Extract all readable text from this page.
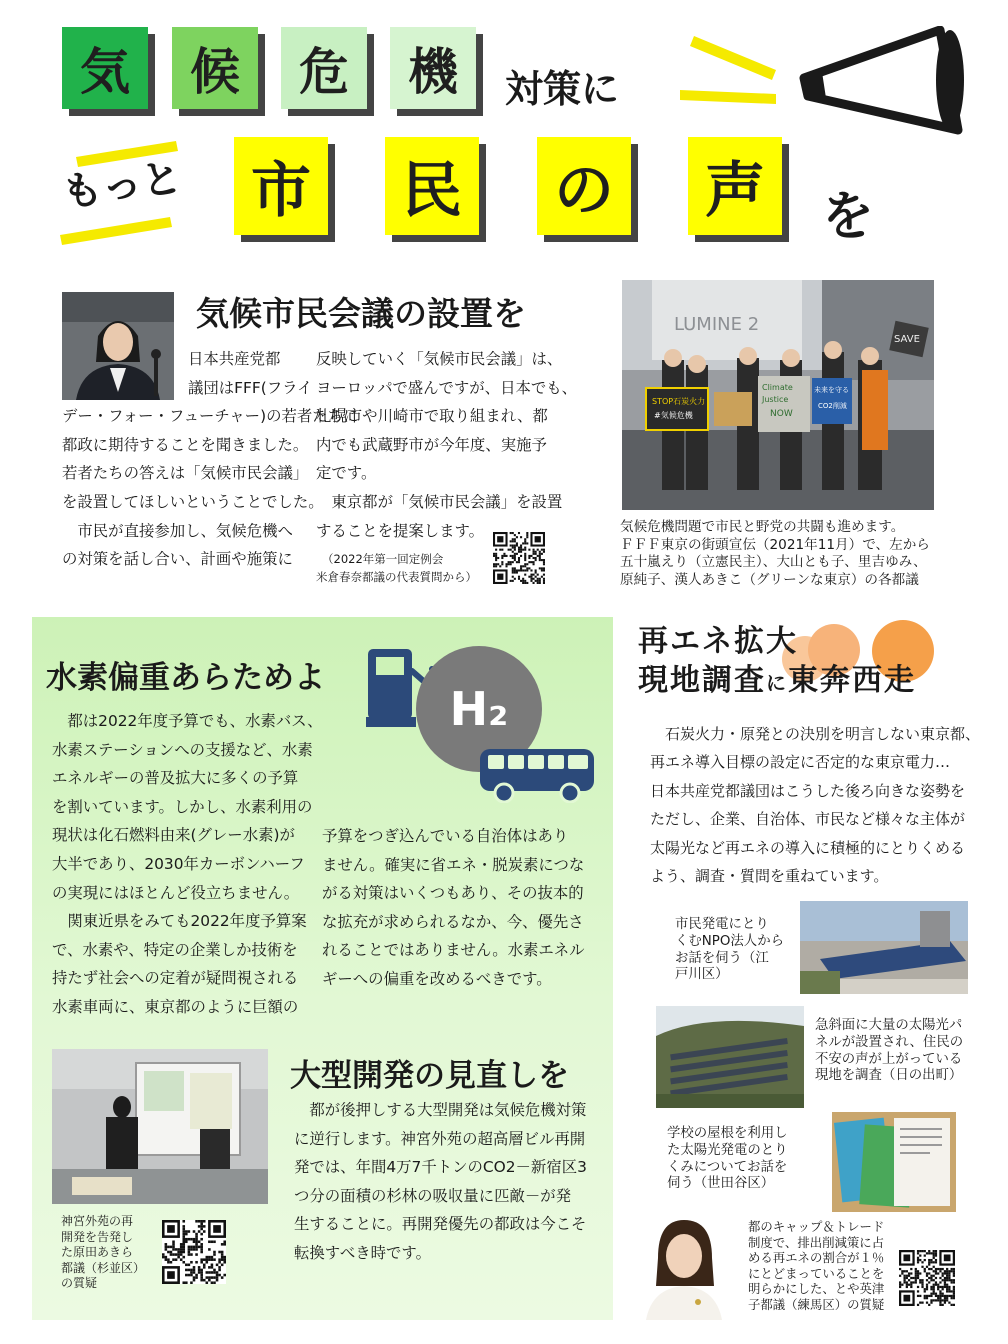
気 候 危 機 対策に
もっと 市 民 の 声 を
気候市民会議の設置を
日本共産党都
議団はFFF(フライ
デー・フォー・フューチャー)の若者たちに
都政に期待することを聞きました。
若者たちの答えは「気候市民会議」
を設置してほしいということでした。
　市民が直接参加し、気候危機へ
の対策を話し合い、計画や施策に
反映していく「気候市民会議」は、
ヨーロッパで盛んですが、日本でも、
札幌市や川崎市で取り組まれ、都
内でも武蔵野市が今年度、実施予
定です。
　東京都が「気候市民会議」を設置
することを提案します。
（2022年第一回定例会
米倉春奈都議の代表質問から）
LUMINE 2
SAVE
STOP石炭火力
#気候危機
Climate
Justice
NOW
未来を守る
CO2削減
気候危機問題で市民と野党の共闘も進めます。
ＦＦＦ東京の街頭宣伝（2021年11月）で、左から
五十嵐えり（立憲民主）、大山とも子、里吉ゆみ、
原純子、漢人あきこ（グリーンな東京）の各都議
水素偏重あらためよ
H₂
　都は2022年度予算でも、水素バス、
水素ステーションへの支援など、水素
エネルギーの普及拡大に多くの予算
を割いています。しかし、水素利用の
現状は化石燃料由来(グレー水素)が
大半であり、2030年カーボンハーフ
の実現にはほとんど役立ちません。
　関東近県をみても2022年度予算案
で、水素や、特定の企業しか技術を
持たず社会への定着が疑問視される
水素車両に、東京都のように巨額の
予算をつぎ込んでいる自治体はあり
ません。確実に省エネ・脱炭素につな
がる対策はいくつもあり、その抜本的
な拡充が求められるなか、今、優先さ
れることではありません。水素エネル
ギーへの偏重を改めるべきです。
大型開発の見直しを
　都が後押しする大型開発は気候危機対策
に逆行します。神宮外苑の超高層ビル再開
発では、年間4万7千トンのCO2－新宿区3
つ分の面積の杉林の吸収量に匹敵－が発
生することに。再開発優先の都政は今こそ
転換すべき時です。
神宮外苑の再
開発を告発し
た原田あきら
都議（杉並区）
の質疑
再エネ拡大
現地調査に東奔西走
　石炭火力・原発との決別を明言しない東京都、
再エネ導入目標の設定に否定的な東京電力…
日本共産党都議団はこうした後ろ向きな姿勢を
ただし、企業、自治体、市民など様々な主体が
太陽光など再エネの導入に積極的にとりくめる
よう、調査・質問を重ねています。
市民発電にとり
くむNPO法人から
お話を伺う（江
戸川区）
急斜面に大量の太陽光パ
ネルが設置され、住民の
不安の声が上がっている
現地を調査（日の出町）
学校の屋根を利用し
た太陽光発電のとり
くみについてお話を
伺う（世田谷区）
都のキャップ＆トレード
制度で、排出削減策に占
める再エネの割合が１％
にとどまっていることを
明らかにした、とや英津
子都議（練馬区）の質疑
